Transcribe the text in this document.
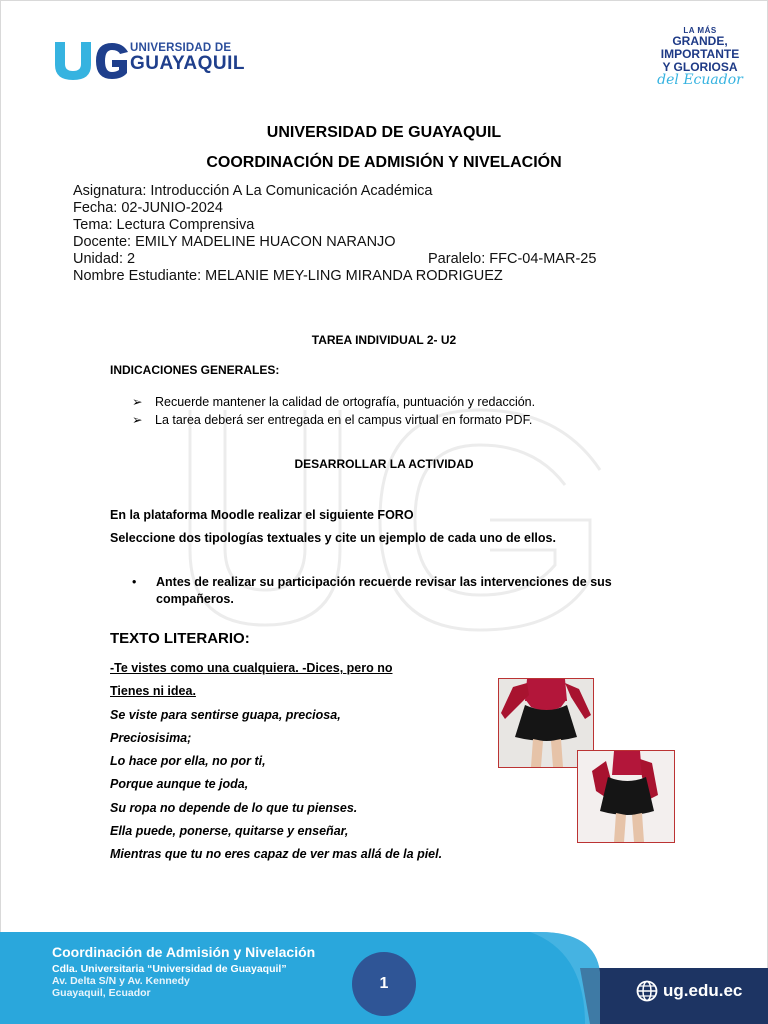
UNIVERSIDAD DE
GUAYAQUIL
LA MÁS
GRANDE,
IMPORTANTE
Y GLORIOSA
del Ecuador
UNIVERSIDAD DE GUAYAQUIL
COORDINACIÓN DE ADMISIÓN Y NIVELACIÓN
Asignatura: Introducción A La Comunicación Académica
Fecha: 02-JUNIO-2024
Tema: Lectura Comprensiva
Docente: EMILY MADELINE HUACON NARANJO
Unidad: 2	Paralelo: FFC-04-MAR-25
Nombre Estudiante: MELANIE MEY-LING MIRANDA RODRIGUEZ
TAREA INDIVIDUAL 2- U2
INDICACIONES GENERALES:
➢ Recuerde mantener la calidad de ortografía, puntuación y redacción.
➢ La tarea deberá ser entregada en el campus virtual en formato PDF.
DESARROLLAR LA ACTIVIDAD
En la plataforma Moodle realizar el siguiente FORO
Seleccione dos tipologías textuales y cite un ejemplo de cada uno de ellos.
• Antes de realizar su participación recuerde revisar las intervenciones de sus compañeros.
TEXTO LITERARIO:
-Te vistes como una cualquiera. -Dices, pero no
Tienes ni idea.
Se viste para sentirse guapa, preciosa,
Preciosisima;
Lo hace por ella, no por ti,
Porque aunque te joda,
Su ropa no depende de lo que tu pienses.
Ella puede, ponerse, quitarse y enseñar,
Mientras que tu no eres capaz de ver mas allá de la piel.
Coordinación de Admisión y Nivelación
Cdla. Universitaria “Universidad de Guayaquil”
Av. Delta S/N y Av. Kennedy
Guayaquil, Ecuador
1	ug.edu.ec
